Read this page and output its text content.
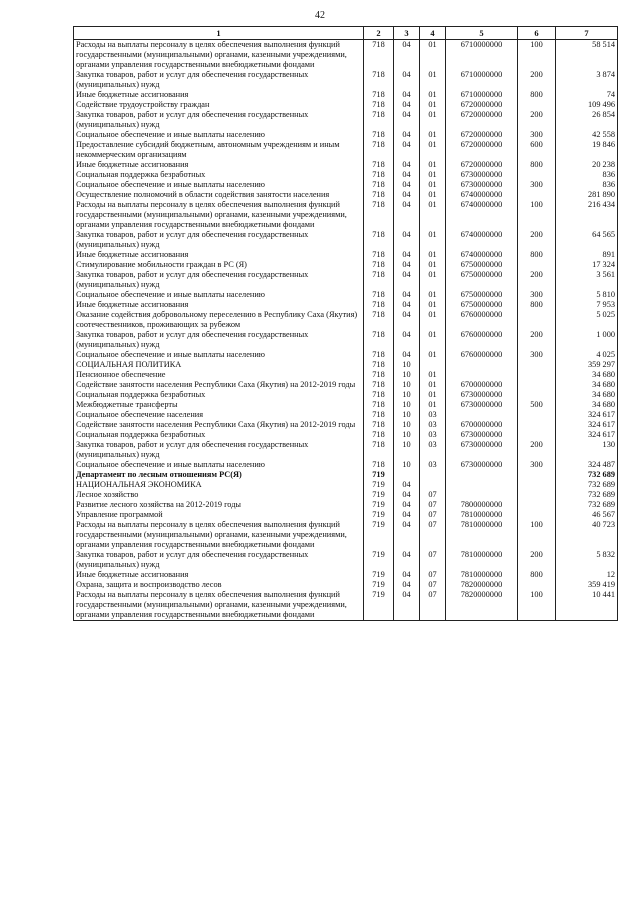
42
1	2	3	4	5	6	7
Расходы на выплаты персоналу в целях обеспечения выполнения функций государственными (муниципальными) органами, казенными учреждениями, органами управления государственными внебюджетными фондами	718	04	01	6710000000	100	58 514
Закупка товаров, работ и услуг для обеспечения государственных (муниципальных) нужд	718	04	01	6710000000	200	3 874
Иные бюджетные ассигнования	718	04	01	6710000000	800	74
Содействие трудоустройству граждан	718	04	01	6720000000		109 496
Закупка товаров, работ и услуг для обеспечения государственных (муниципальных) нужд	718	04	01	6720000000	200	26 854
Социальное обеспечение и иные выплаты населению	718	04	01	6720000000	300	42 558
Предоставление субсидий бюджетным, автономным учреждениям и иным некоммерческим организациям	718	04	01	6720000000	600	19 846
Иные бюджетные ассигнования	718	04	01	6720000000	800	20 238
Социальная поддержка безработных	718	04	01	6730000000		836
Социальное обеспечение и иные выплаты населению	718	04	01	6730000000	300	836
Осуществление полномочий в области содействия занятости населения	718	04	01	6740000000		281 890
Расходы на выплаты персоналу в целях обеспечения выполнения функций государственными (муниципальными) органами, казенными учреждениями, органами управления государственными внебюджетными фондами	718	04	01	6740000000	100	216 434
Закупка товаров, работ и услуг для обеспечения государственных (муниципальных) нужд	718	04	01	6740000000	200	64 565
Иные бюджетные ассигнования	718	04	01	6740000000	800	891
Стимулирование мобильности граждан в РС (Я)	718	04	01	6750000000		17 324
Закупка товаров, работ и услуг для обеспечения государственных (муниципальных) нужд	718	04	01	6750000000	200	3 561
Социальное обеспечение и иные выплаты населению	718	04	01	6750000000	300	5 810
Иные бюджетные ассигнования	718	04	01	6750000000	800	7 953
Оказание содействия добровольному переселению в Республику Саха (Якутия) соотечественников, проживающих за рубежом	718	04	01	6760000000		5 025
Закупка товаров, работ и услуг для обеспечения государственных (муниципальных) нужд	718	04	01	6760000000	200	1 000
Социальное обеспечение и иные выплаты населению	718	04	01	6760000000	300	4 025
СОЦИАЛЬНАЯ ПОЛИТИКА	718	10				359 297
Пенсионное обеспечение	718	10	01			34 680
Содействие занятости населения Республики Саха (Якутия) на 2012-2019 годы	718	10	01	6700000000		34 680
Социальная поддержка безработных	718	10	01	6730000000		34 680
Межбюджетные трансферты	718	10	01	6730000000	500	34 680
Социальное обеспечение населения	718	10	03			324 617
Содействие занятости населения Республики Саха (Якутия) на 2012-2019 годы	718	10	03	6700000000		324 617
Социальная поддержка безработных	718	10	03	6730000000		324 617
Закупка товаров, работ и услуг для обеспечения государственных (муниципальных) нужд	718	10	03	6730000000	200	130
Социальное обеспечение и иные выплаты населению	718	10	03	6730000000	300	324 487
Департамент по лесным отношениям РС(Я)	719					732 689
НАЦИОНАЛЬНАЯ ЭКОНОМИКА	719	04				732 689
Лесное хозяйство	719	04	07			732 689
Развитие лесного хозяйства на 2012-2019 годы	719	04	07	7800000000		732 689
Управление программой	719	04	07	7810000000		46 567
Расходы на выплаты персоналу в целях обеспечения выполнения функций государственными (муниципальными) органами, казенными учреждениями, органами управления государственными внебюджетными фондами	719	04	07	7810000000	100	40 723
Закупка товаров, работ и услуг для обеспечения государственных (муниципальных) нужд	719	04	07	7810000000	200	5 832
Иные бюджетные ассигнования	719	04	07	7810000000	800	12
Охрана, защита и воспроизводство лесов	719	04	07	7820000000		359 419
Расходы на выплаты персоналу в целях обеспечения выполнения функций государственными (муниципальными) органами, казенными учреждениями, органами управления государственными внебюджетными фондами	719	04	07	7820000000	100	10 441
